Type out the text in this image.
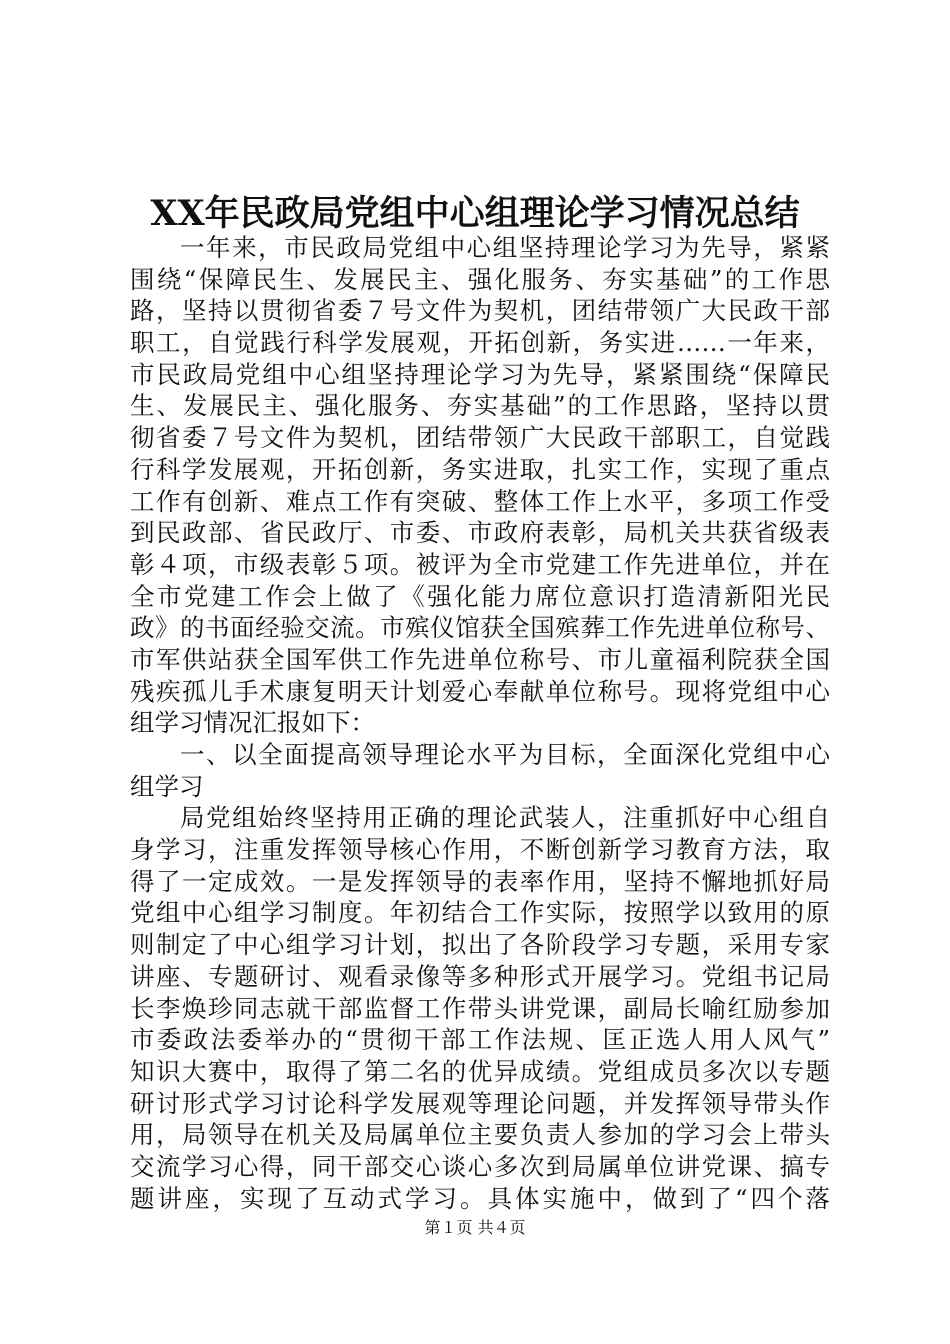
XX年民政局党组中心组理论学习情况总结
一年来，市民政局党组中心组坚持理论学习为先导，紧紧
围绕“保障民生、发展民主、强化服务、夯实基础”的工作思
路，坚持以贯彻省委７号文件为契机，团结带领广大民政干部
职工，自觉践行科学发展观，开拓创新，务实进……一年来，
市民政局党组中心组坚持理论学习为先导，紧紧围绕“保障民
生、发展民主、强化服务、夯实基础”的工作思路，坚持以贯
彻省委７号文件为契机，团结带领广大民政干部职工，自觉践
行科学发展观，开拓创新，务实进取，扎实工作，实现了重点
工作有创新、难点工作有突破、整体工作上水平，多项工作受
到民政部、省民政厅、市委、市政府表彰，局机关共获省级表
彰４项，市级表彰５项。被评为全市党建工作先进单位，并在
全市党建工作会上做了《强化能力席位意识打造清新阳光民
政》的书面经验交流。市殡仪馆获全国殡葬工作先进单位称号、
市军供站获全国军供工作先进单位称号、市儿童福利院获全国
残疾孤儿手术康复明天计划爱心奉献单位称号。现将党组中心
组学习情况汇报如下：
一、以全面提高领导理论水平为目标，全面深化党组中心
组学习
局党组始终坚持用正确的理论武装人，注重抓好中心组自
身学习，注重发挥领导核心作用，不断创新学习教育方法，取
得了一定成效。一是发挥领导的表率作用，坚持不懈地抓好局
党组中心组学习制度。年初结合工作实际，按照学以致用的原
则制定了中心组学习计划，拟出了各阶段学习专题，采用专家
讲座、专题研讨、观看录像等多种形式开展学习。党组书记局
长李焕珍同志就干部监督工作带头讲党课，副局长喻红励参加
市委政法委举办的“贯彻干部工作法规、匡正选人用人风气”
知识大赛中，取得了第二名的优异成绩。党组成员多次以专题
研讨形式学习讨论科学发展观等理论问题，并发挥领导带头作
用，局领导在机关及局属单位主要负责人参加的学习会上带头
交流学习心得，同干部交心谈心多次到局属单位讲党课、搞专
题讲座，实现了互动式学习。具体实施中，做到了“四个落
第１页 共４页
